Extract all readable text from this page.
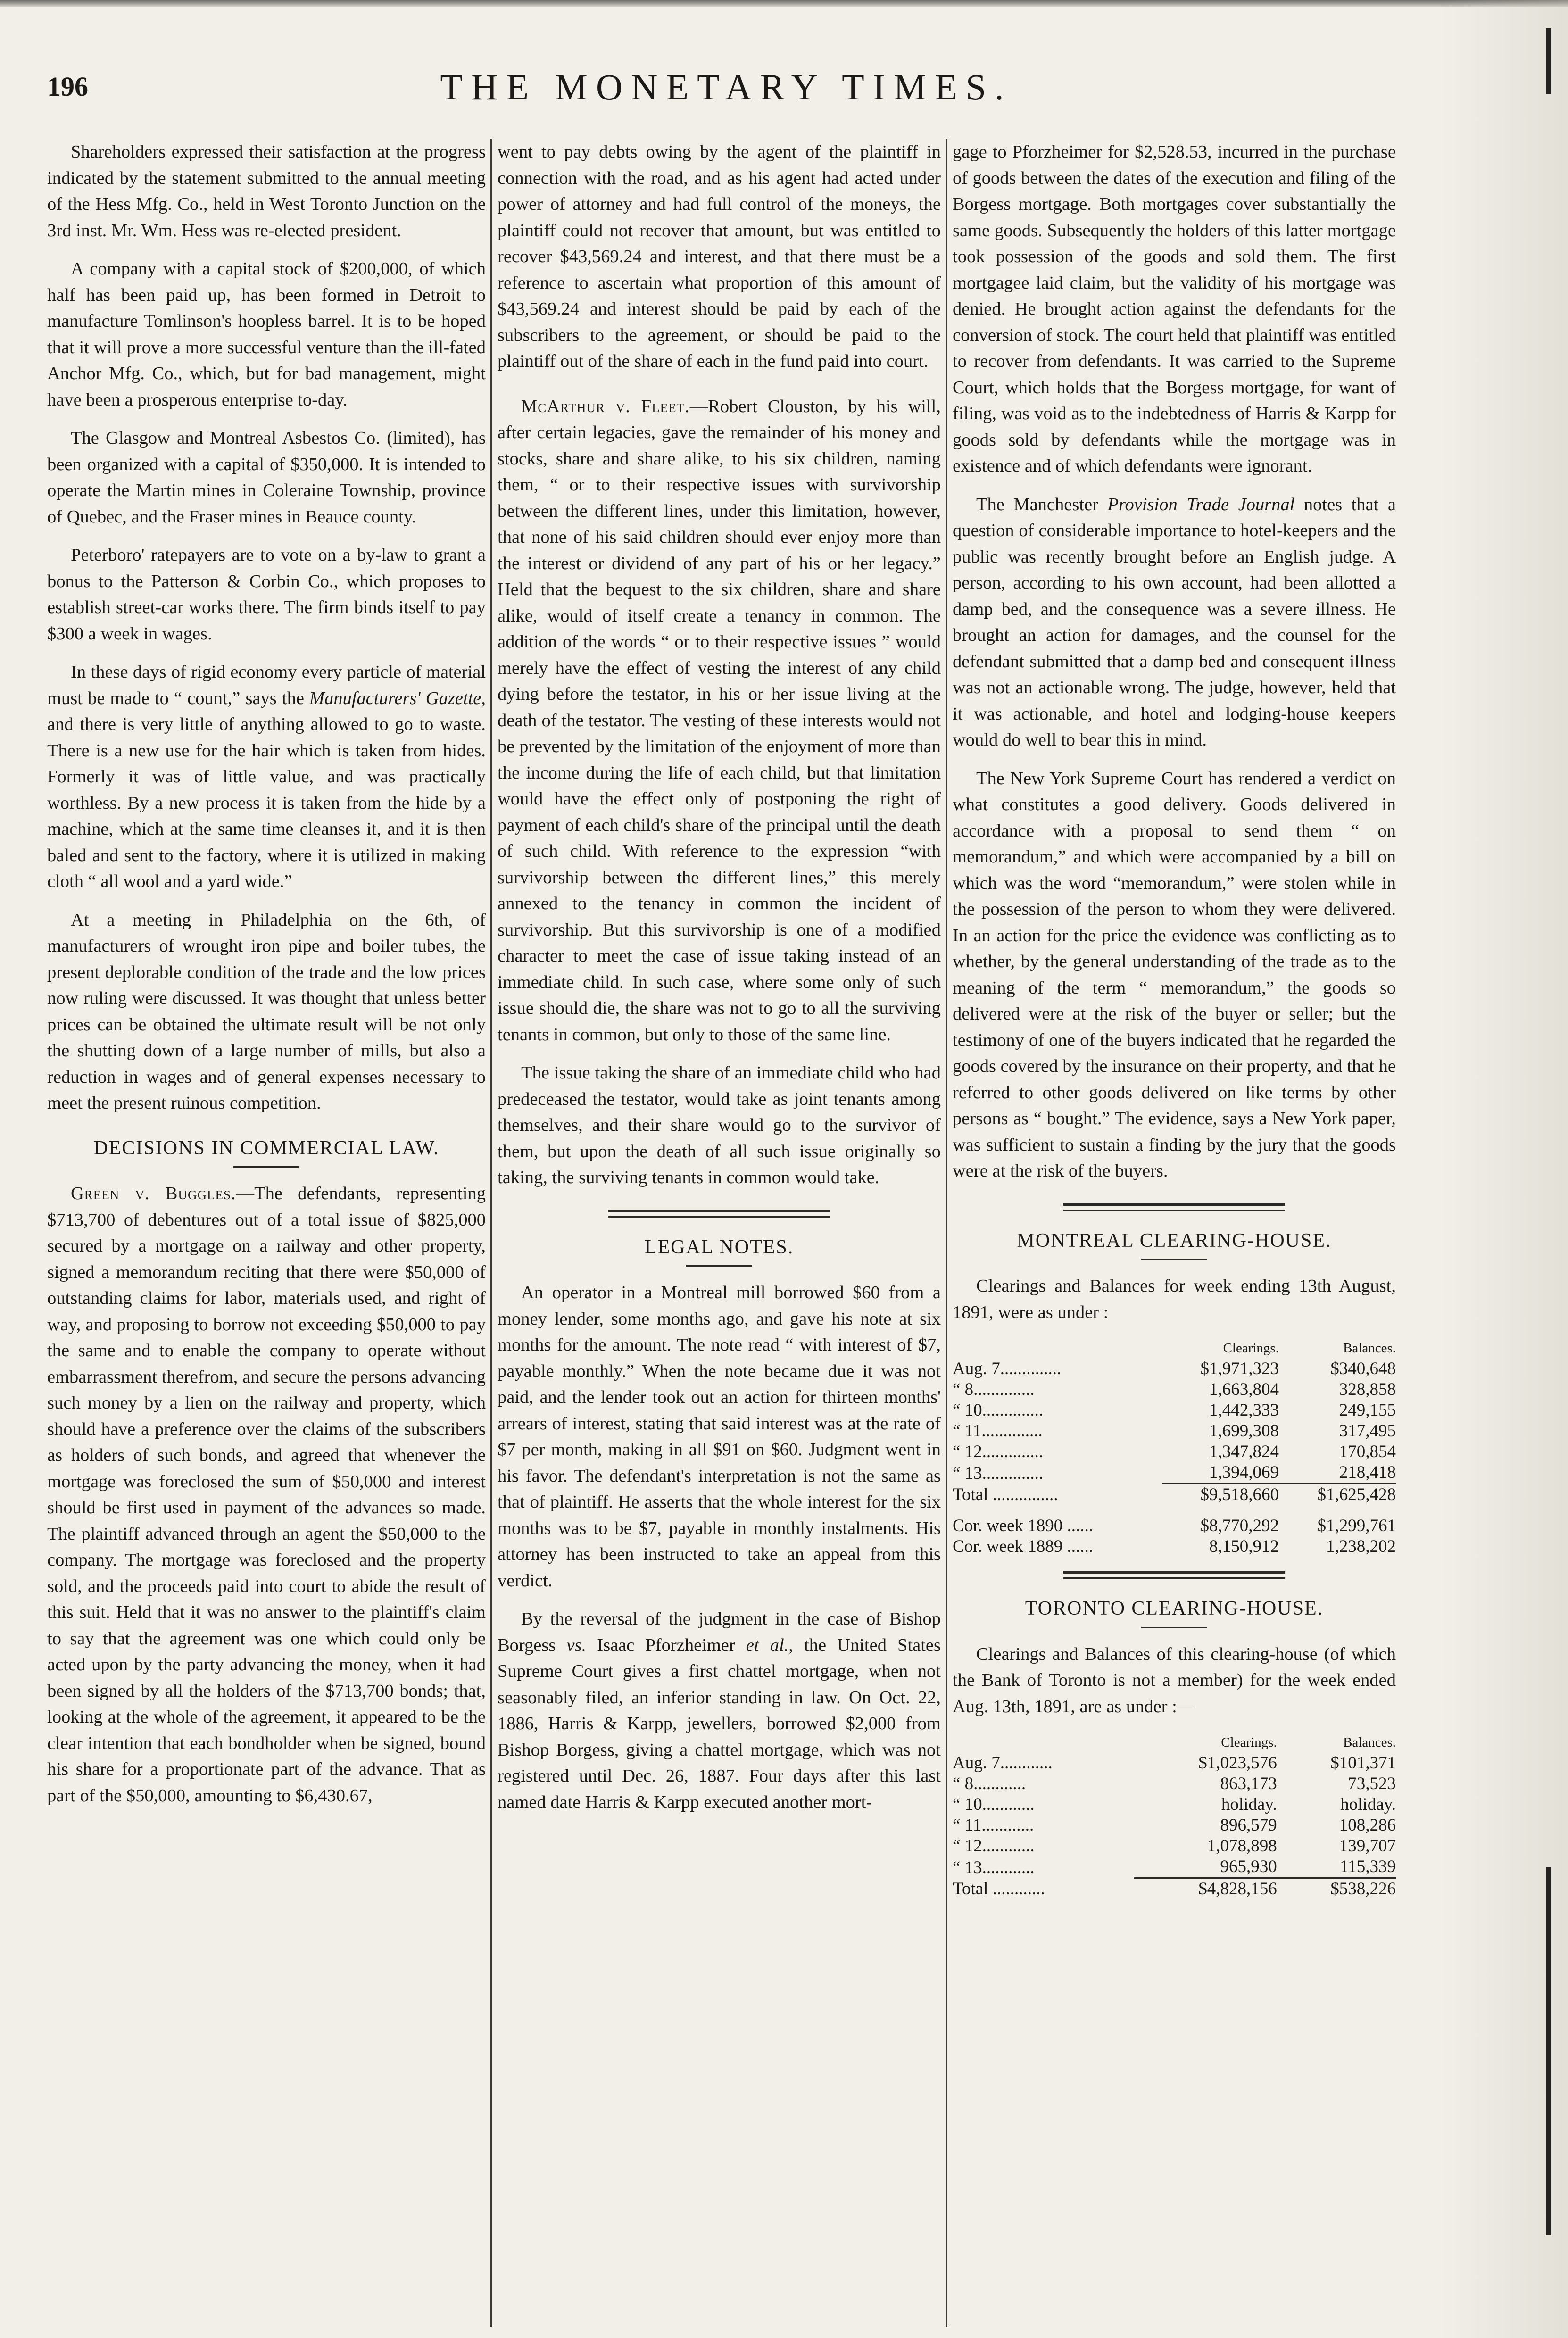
196	THE MONETARY TIMES.

Shareholders expressed their satisfaction at the progress indicated by the statement submitted to the annual meeting of the Hess Mfg. Co., held in West Toronto Junction on the 3rd inst. Mr. Wm. Hess was re-elected president.

A company with a capital stock of $200,000, of which half has been paid up, has been formed in Detroit to manufacture Tomlinson's hoopless barrel. It is to be hoped that it will prove a more successful venture than the ill-fated Anchor Mfg. Co., which, but for bad management, might have been a prosperous enterprise to-day.

The Glasgow and Montreal Asbestos Co. (limited), has been organized with a capital of $350,000. It is intended to operate the Martin mines in Coleraine Township, province of Quebec, and the Fraser mines in Beauce county.

Peterboro' ratepayers are to vote on a by-law to grant a bonus to the Patterson & Corbin Co., which proposes to establish street-car works there. The firm binds itself to pay $300 a week in wages.

In these days of rigid economy every particle of material must be made to “ count,” says the Manufacturers' Gazette, and there is very little of anything allowed to go to waste. There is a new use for the hair which is taken from hides. Formerly it was of little value, and was practically worthless. By a new process it is taken from the hide by a machine, which at the same time cleanses it, and it is then baled and sent to the factory, where it is utilized in making cloth “ all wool and a yard wide.”

At a meeting in Philadelphia on the 6th, of manufacturers of wrought iron pipe and boiler tubes, the present deplorable condition of the trade and the low prices now ruling were discussed. It was thought that unless better prices can be obtained the ultimate result will be not only the shutting down of a large number of mills, but also a reduction in wages and of general expenses necessary to meet the present ruinous competition.

DECISIONS IN COMMERCIAL LAW.

Green v. Buggles.—The defendants, representing $713,700 of debentures out of a total issue of $825,000 secured by a mortgage on a railway and other property, signed a memorandum reciting that there were $50,000 of outstanding claims for labor, materials used, and right of way, and proposing to borrow not exceeding $50,000 to pay the same and to enable the company to operate without embarrassment therefrom, and secure the persons advancing such money by a lien on the railway and property, which should have a preference over the claims of the subscribers as holders of such bonds, and agreed that whenever the mortgage was foreclosed the sum of $50,000 and interest should be first used in payment of the advances so made. The plaintiff advanced through an agent the $50,000 to the company. The mortgage was foreclosed and the property sold, and the proceeds paid into court to abide the result of this suit. Held that it was no answer to the plaintiff's claim to say that the agreement was one which could only be acted upon by the party advancing the money, when it had been signed by all the holders of the $713,700 bonds; that, looking at the whole of the agreement, it appeared to be the clear intention that each bondholder when be signed, bound his share for a proportionate part of the advance. That as part of the $50,000, amounting to $6,430.67,

went to pay debts owing by the agent of the plaintiff in connection with the road, and as his agent had acted under power of attorney and had full control of the moneys, the plaintiff could not recover that amount, but was entitled to recover $43,569.24 and interest, and that there must be a reference to ascertain what proportion of this amount of $43,569.24 and interest should be paid by each of the subscribers to the agreement, or should be paid to the plaintiff out of the share of each in the fund paid into court.

McArthur v. Fleet.—Robert Clouston, by his will, after certain legacies, gave the remainder of his money and stocks, share and share alike, to his six children, naming them, “ or to their respective issues with survivorship between the different lines, under this limitation, however, that none of his said children should ever enjoy more than the interest or dividend of any part of his or her legacy.” Held that the bequest to the six children, share and share alike, would of itself create a tenancy in common. The addition of the words “ or to their respective issues ” would merely have the effect of vesting the interest of any child dying before the testator, in his or her issue living at the death of the testator. The vesting of these interests would not be prevented by the limitation of the enjoyment of more than the income during the life of each child, but that limitation would have the effect only of postponing the right of payment of each child's share of the principal until the death of such child. With reference to the expression “with survivorship between the different lines,” this merely annexed to the tenancy in common the incident of survivorship. But this survivorship is one of a modified character to meet the case of issue taking instead of an immediate child. In such case, where some only of such issue should die, the share was not to go to all the surviving tenants in common, but only to those of the same line.

The issue taking the share of an immediate child who had predeceased the testator, would take as joint tenants among themselves, and their share would go to the survivor of them, but upon the death of all such issue originally so taking, the surviving tenants in common would take.

LEGAL NOTES.

An operator in a Montreal mill borrowed $60 from a money lender, some months ago, and gave his note at six months for the amount. The note read “ with interest of $7, payable monthly.” When the note became due it was not paid, and the lender took out an action for thirteen months' arrears of interest, stating that said interest was at the rate of $7 per month, making in all $91 on $60. Judgment went in his favor. The defendant's interpretation is not the same as that of plaintiff. He asserts that the whole interest for the six months was to be $7, payable in monthly instalments. His attorney has been instructed to take an appeal from this verdict.

By the reversal of the judgment in the case of Bishop Borgess vs. Isaac Pforzheimer et al., the United States Supreme Court gives a first chattel mortgage, when not seasonably filed, an inferior standing in law. On Oct. 22, 1886, Harris & Karpp, jewellers, borrowed $2,000 from Bishop Borgess, giving a chattel mortgage, which was not registered until Dec. 26, 1887. Four days after this last named date Harris & Karpp executed another mort-

gage to Pforzheimer for $2,528.53, incurred in the purchase of goods between the dates of the execution and filing of the Borgess mortgage. Both mortgages cover substantially the same goods. Subsequently the holders of this latter mortgage took possession of the goods and sold them. The first mortgagee laid claim, but the validity of his mortgage was denied. He brought action against the defendants for the conversion of stock. The court held that plaintiff was entitled to recover from defendants. It was carried to the Supreme Court, which holds that the Borgess mortgage, for want of filing, was void as to the indebtedness of Harris & Karpp for goods sold by defendants while the mortgage was in existence and of which defendants were ignorant.

The Manchester Provision Trade Journal notes that a question of considerable importance to hotel-keepers and the public was recently brought before an English judge. A person, according to his own account, had been allotted a damp bed, and the consequence was a severe illness. He brought an action for damages, and the counsel for the defendant submitted that a damp bed and consequent illness was not an actionable wrong. The judge, however, held that it was actionable, and hotel and lodging-house keepers would do well to bear this in mind.

The New York Supreme Court has rendered a verdict on what constitutes a good delivery. Goods delivered in accordance with a proposal to send them “ on memorandum,” and which were accompanied by a bill on which was the word “memorandum,” were stolen while in the possession of the person to whom they were delivered. In an action for the price the evidence was conflicting as to whether, by the general understanding of the trade as to the meaning of the term “ memorandum,” the goods so delivered were at the risk of the buyer or seller; but the testimony of one of the buyers indicated that he regarded the goods covered by the insurance on their property, and that he referred to other goods delivered on like terms by other persons as “ bought.” The evidence, says a New York paper, was sufficient to sustain a finding by the jury that the goods were at the risk of the buyers.

MONTREAL CLEARING-HOUSE.

Clearings and Balances for week ending 13th August, 1891, were as under :

	Clearings.	Balances.
Aug. 7..............	$1,971,323	$340,648
“ 8..............	1,663,804	328,858
“ 10..............	1,442,333	249,155
“ 11..............	1,699,308	317,495
“ 12..............	1,347,824	170,854
“ 13..............	1,394,069	218,418
Total ...............	$9,518,660	$1,625,428

Cor. week 1890 ......	$8,770,292	$1,299,761
Cor. week 1889 ......	8,150,912	1,238,202
TORONTO CLEARING-HOUSE.

Clearings and Balances of this clearing-house (of which the Bank of Toronto is not a member) for the week ended Aug. 13th, 1891, are as under :—

	Clearings.	Balances.
Aug. 7............	$1,023,576	$101,371
“ 8............	863,173	73,523
“ 10............	holiday.	holiday.
“ 11............	896,579	108,286
“ 12............	1,078,898	139,707
“ 13............	965,930	115,339
Total ............	$4,828,156	$538,226
